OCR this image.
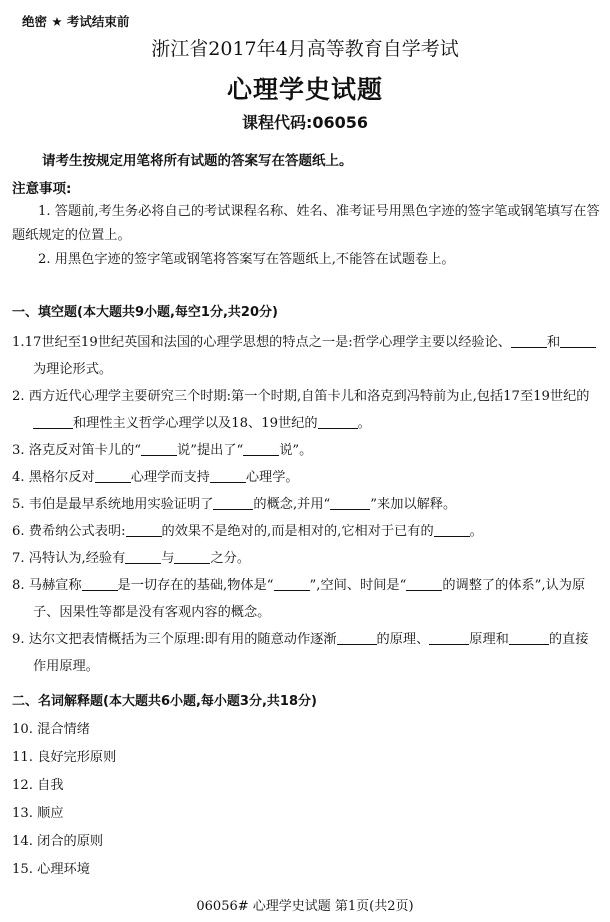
绝密 ★ 考试结束前
浙江省2017年4月高等教育自学考试
心理学史试题
课程代码:06056
请考生按规定用笔将所有试题的答案写在答题纸上。
注意事项:
1. 答题前,考生务必将自己的考试课程名称、姓名、准考证号用黑色字迹的签字笔或钢笔填写在答题纸规定的位置上。
2. 用黑色字迹的签字笔或钢笔将答案写在答题纸上,不能答在试题卷上。
一、填空题(本大题共9小题,每空1分,共20分)
1.17世纪至19世纪英国和法国的心理学思想的特点之一是:哲学心理学主要以经验论、	和为理论形式。
2. 西方近代心理学主要研究三个时期:第一个时期,自笛卡儿和洛克到冯特前为止,包括17至19世纪的和理性主义哲学心理学以及18、19世纪的	。
3. 洛克反对笛卡儿的“	说”提出了“	说”。
4. 黑格尔反对	心理学而支持	心理学。
5. 韦伯是最早系统地用实验证明了	的概念,并用“	”来加以解释。
6. 费希纳公式表明:	的效果不是绝对的,而是相对的,它相对于已有的	。
7. 冯特认为,经验有	与	之分。
8. 马赫宣称	是一切存在的基础,物体是“	”,空间、时间是“	的调整了的体系”,认为原子、因果性等都是没有客观内容的概念。
9. 达尔文把表情概括为三个原理:即有用的随意动作逐渐	的原理、	原理和	的直接作用原理。
二、名词解释题(本大题共6小题,每小题3分,共18分)
10. 混合情绪
11. 良好完形原则
12. 自我
13. 顺应
14. 闭合的原则
15. 心理环境
06056# 心理学史试题 第1页(共2页)
